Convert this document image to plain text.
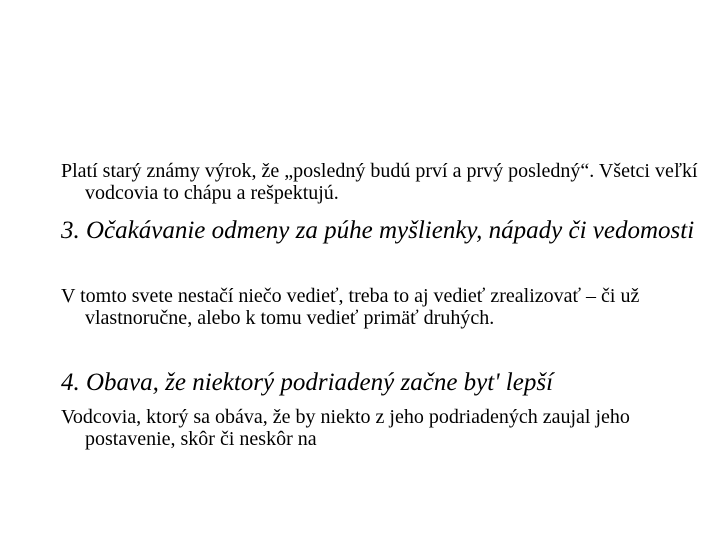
Platí starý známy výrok, že „posledný budú prví a prvý posledný“. Všetci veľkí vodcovia to chápu a rešpektujú.

3. Očakávanie odmeny za púhe myšlienky, nápady či vedomosti

V tomto svete nestačí niečo vedieť, treba to aj vedieť zrealizovať – či už vlastnoručne, alebo k tomu vedieť primäť druhých.

4. Obava, že niektorý podriadený začne byt' lepší

Vodcovia, ktorý sa obáva, že by niekto z jeho podriadených zaujal jeho postavenie, skôr či neskôr na
